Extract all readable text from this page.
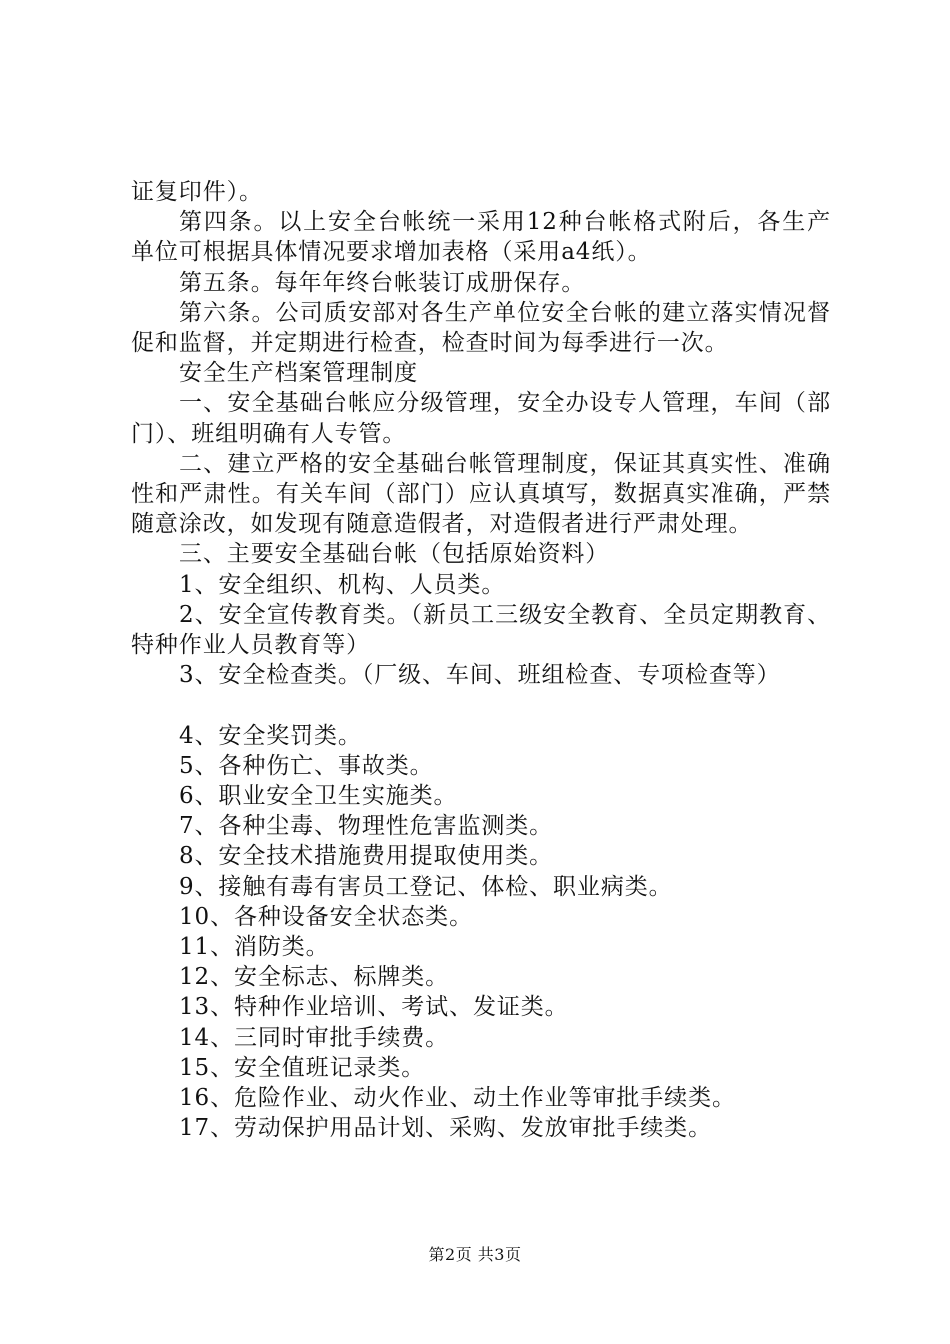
证复印件）。

第四条。以上安全台帐统一采用12种台帐格式附后，各生产单位可根据具体情况要求增加表格（采用a4纸）。

第五条。每年年终台帐装订成册保存。

第六条。公司质安部对各生产单位安全台帐的建立落实情况督促和监督，并定期进行检查，检查时间为每季进行一次。

安全生产档案管理制度

一、安全基础台帐应分级管理，安全办设专人管理，车间（部门）、班组明确有人专管。

二、建立严格的安全基础台帐管理制度，保证其真实性、准确性和严肃性。有关车间（部门）应认真填写，数据真实准确，严禁随意涂改，如发现有随意造假者，对造假者进行严肃处理。

三、主要安全基础台帐（包括原始资料）

1、安全组织、机构、人员类。

2、安全宣传教育类。（新员工三级安全教育、全员定期教育、特种作业人员教育等）

3、安全检查类。（厂级、车间、班组检查、专项检查等）

4、安全奖罚类。

5、各种伤亡、事故类。

6、职业安全卫生实施类。

7、各种尘毒、物理性危害监测类。

8、安全技术措施费用提取使用类。

9、接触有毒有害员工登记、体检、职业病类。

10、各种设备安全状态类。

11、消防类。

12、安全标志、标牌类。

13、特种作业培训、考试、发证类。

14、三同时审批手续费。

15、安全值班记录类。

16、危险作业、动火作业、动土作业等审批手续类。

17、劳动保护用品计划、采购、发放审批手续类。

第2页 共3页
